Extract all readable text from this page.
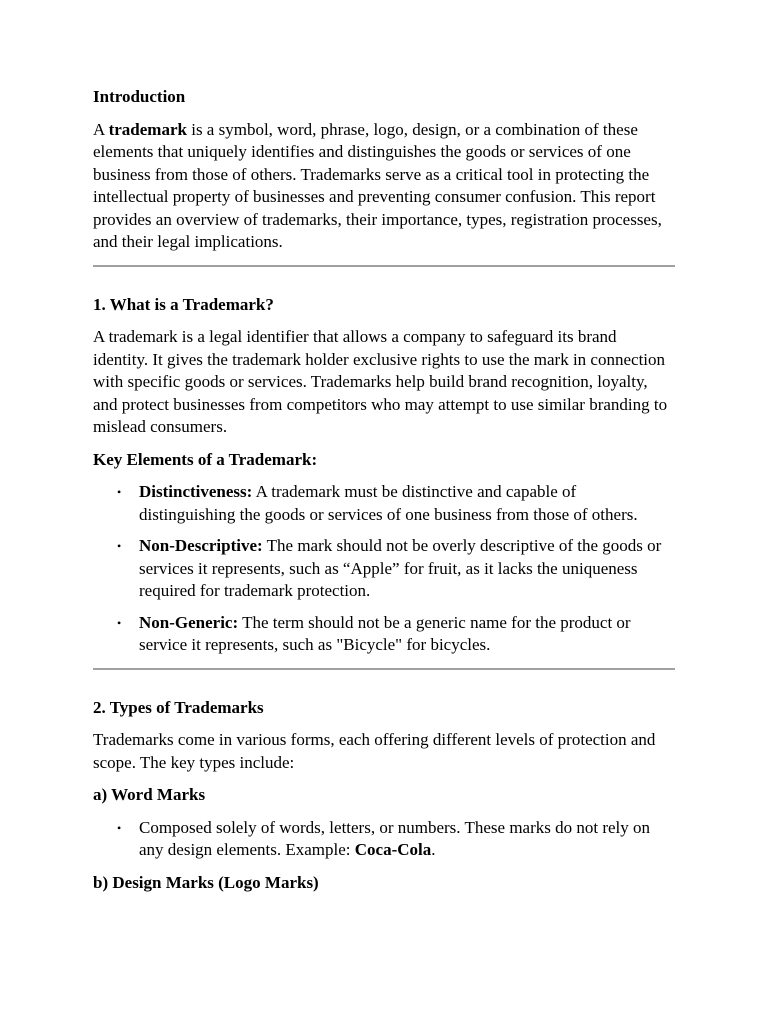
Introduction

A trademark is a symbol, word, phrase, logo, design, or a combination of these elements that uniquely identifies and distinguishes the goods or services of one business from those of others. Trademarks serve as a critical tool in protecting the intellectual property of businesses and preventing consumer confusion. This report provides an overview of trademarks, their importance, types, registration processes, and their legal implications.

1. What is a Trademark?

A trademark is a legal identifier that allows a company to safeguard its brand identity. It gives the trademark holder exclusive rights to use the mark in connection with specific goods or services. Trademarks help build brand recognition, loyalty, and protect businesses from competitors who may attempt to use similar branding to mislead consumers.

Key Elements of a Trademark:
• Distinctiveness: A trademark must be distinctive and capable of distinguishing the goods or services of one business from those of others.
• Non-Descriptive: The mark should not be overly descriptive of the goods or services it represents, such as “Apple” for fruit, as it lacks the uniqueness required for trademark protection.
• Non-Generic: The term should not be a generic name for the product or service it represents, such as "Bicycle" for bicycles.
2. Types of Trademarks

Trademarks come in various forms, each offering different levels of protection and scope. The key types include:

a) Word Marks
• Composed solely of words, letters, or numbers. These marks do not rely on any design elements. Example: Coca-Cola.
b) Design Marks (Logo Marks)
